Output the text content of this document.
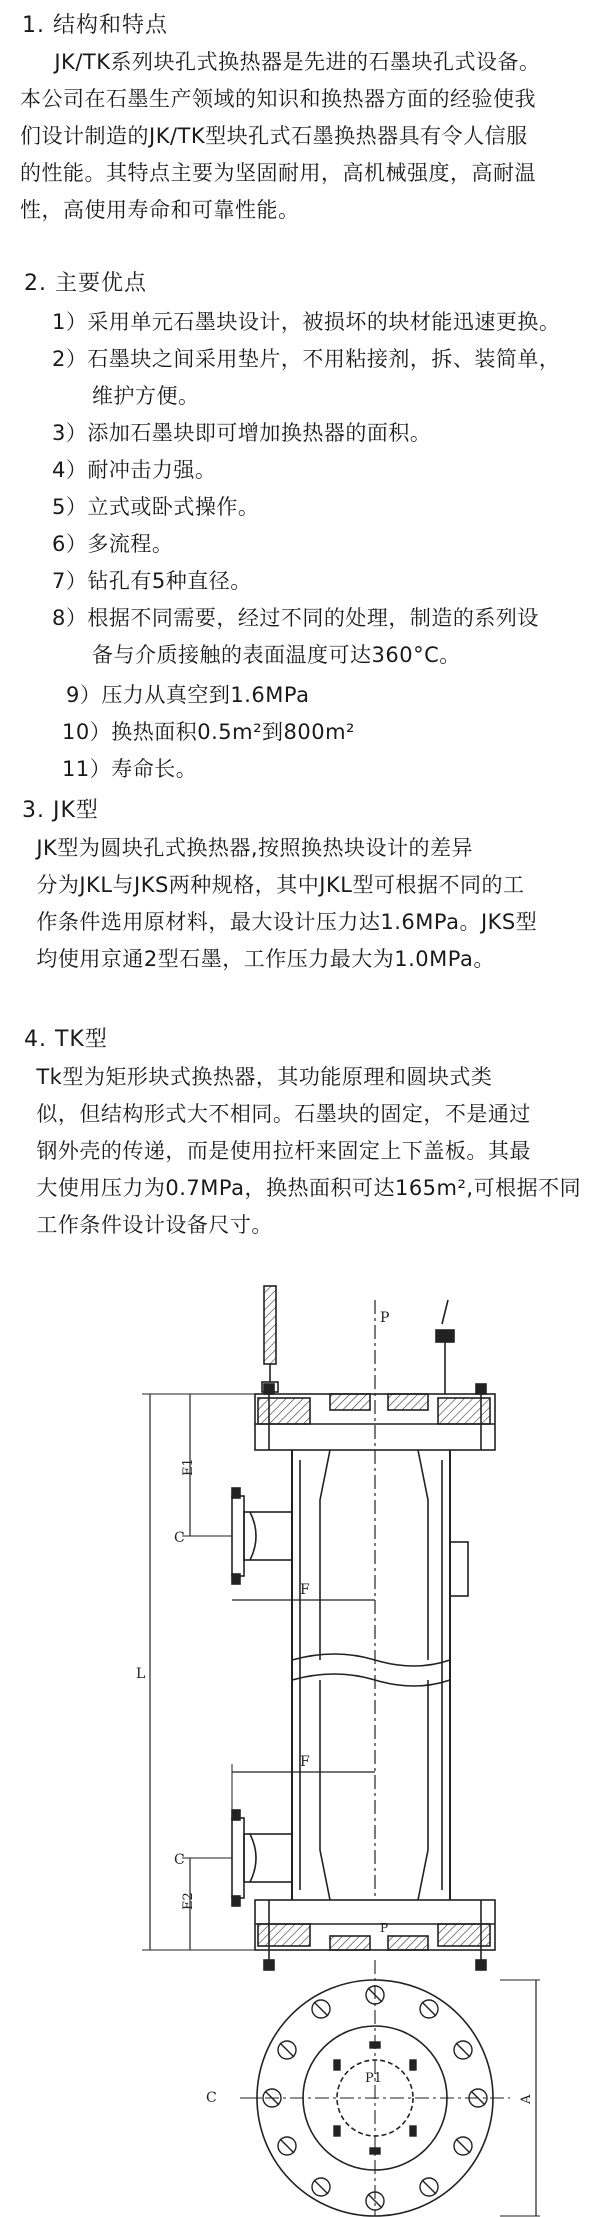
1. 结构和特点
JK/TK系列块孔式换热器是先进的石墨块孔式设备。
本公司在石墨生产领域的知识和换热器方面的经验使我
们设计制造的JK/TK型块孔式石墨换热器具有令人信服
的性能。其特点主要为坚固耐用，高机械强度，高耐温
性，高使用寿命和可靠性能。
2. 主要优点
1）采用单元石墨块设计，被损坏的块材能迅速更换。
2）石墨块之间采用垫片，不用粘接剂，拆、装简单，
维护方便。
3）添加石墨块即可增加换热器的面积。
4）耐冲击力强。
5）立式或卧式操作。
6）多流程。
7）钻孔有5种直径。
8）根据不同需要，经过不同的处理，制造的系列设
备与介质接触的表面温度可达360°C。
9）压力从真空到1.6MPa
10）换热面积0.5m²到800m²
11）寿命长。
3. JK型
JK型为圆块孔式换热器,按照换热块设计的差异
分为JKL与JKS两种规格，其中JKL型可根据不同的工
作条件选用原材料，最大设计压力达1.6MPa。JKS型
均使用京通2型石墨，工作压力最大为1.0MPa。
4. TK型
Tk型为矩形块式换热器，其功能原理和圆块式类
似，但结构形式大不相同。石墨块的固定，不是通过
钢外壳的传递，而是使用拉杆来固定上下盖板。其最
大使用压力为0.7MPa，换热面积可达165m²,可根据不同
工作条件设计设备尺寸。
P
P
P1
E1
E2
C
C
C
F
F
L
A
